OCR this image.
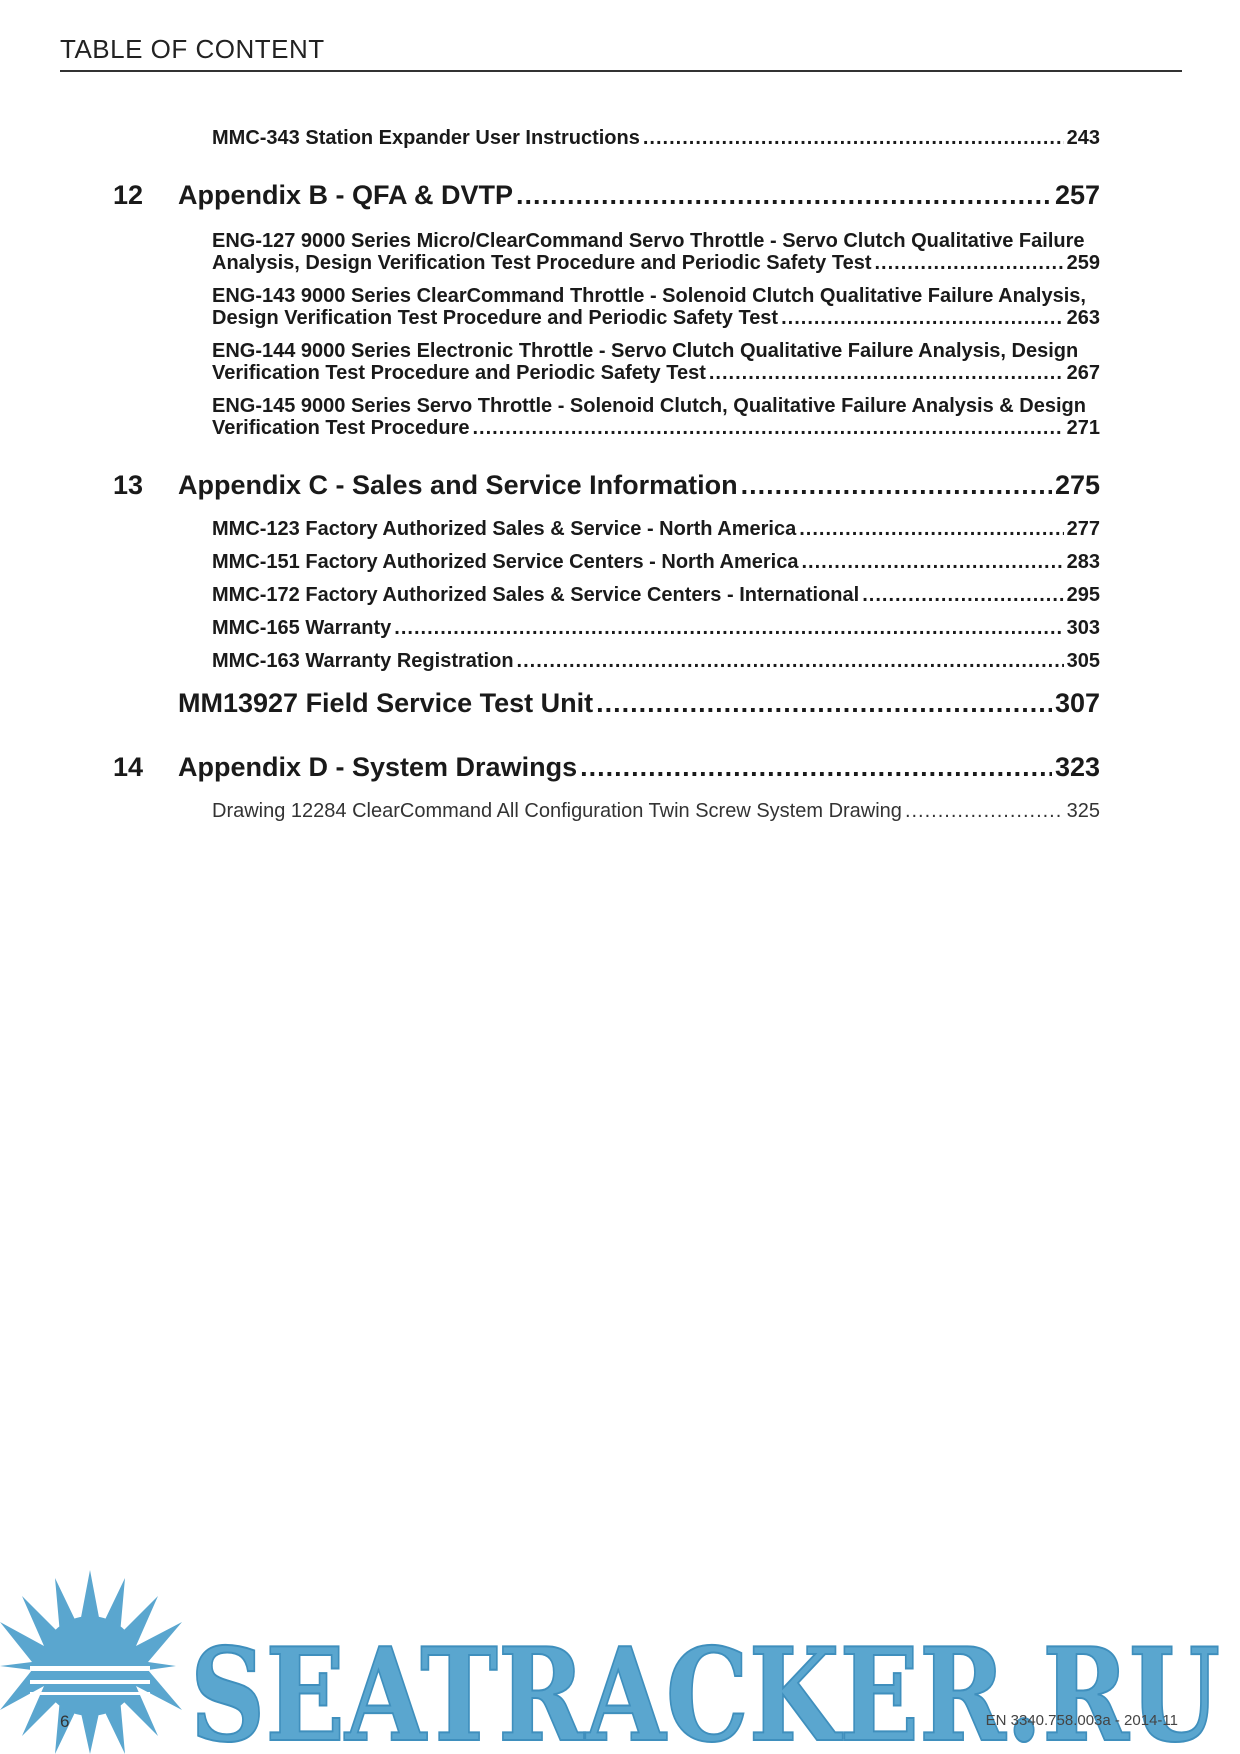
TABLE OF CONTENT
MMC-343 Station Expander User Instructions .....	243
12 Appendix B - QFA & DVTP .....	257
ENG-127 9000 Series Micro/ClearCommand Servo Throttle - Servo Clutch Qualitative Failure
Analysis, Design Verification Test Procedure and Periodic Safety Test .....	259
ENG-143 9000 Series ClearCommand Throttle - Solenoid Clutch Qualitative Failure Analysis,
Design Verification Test Procedure and Periodic Safety Test .....	263
ENG-144 9000 Series Electronic Throttle - Servo Clutch Qualitative Failure Analysis, Design
Verification Test Procedure and Periodic Safety Test .....	267
ENG-145 9000 Series Servo Throttle - Solenoid Clutch, Qualitative Failure Analysis & Design
Verification Test Procedure .....	271
13 Appendix C - Sales and Service Information .....	275
MMC-123 Factory Authorized Sales & Service - North America .....	277
MMC-151 Factory Authorized Service Centers - North America .....	283
MMC-172 Factory Authorized Sales & Service Centers - International .....	295
MMC-165 Warranty .....	303
MMC-163 Warranty Registration .....	305
MM13927 Field Service Test Unit .....	307
14 Appendix D - System Drawings .....	323
Drawing 12284 ClearCommand All Configuration Twin Screw System Drawing .....	325
SEATRACKER.RU
6	EN 3340.758.003a - 2014-11
